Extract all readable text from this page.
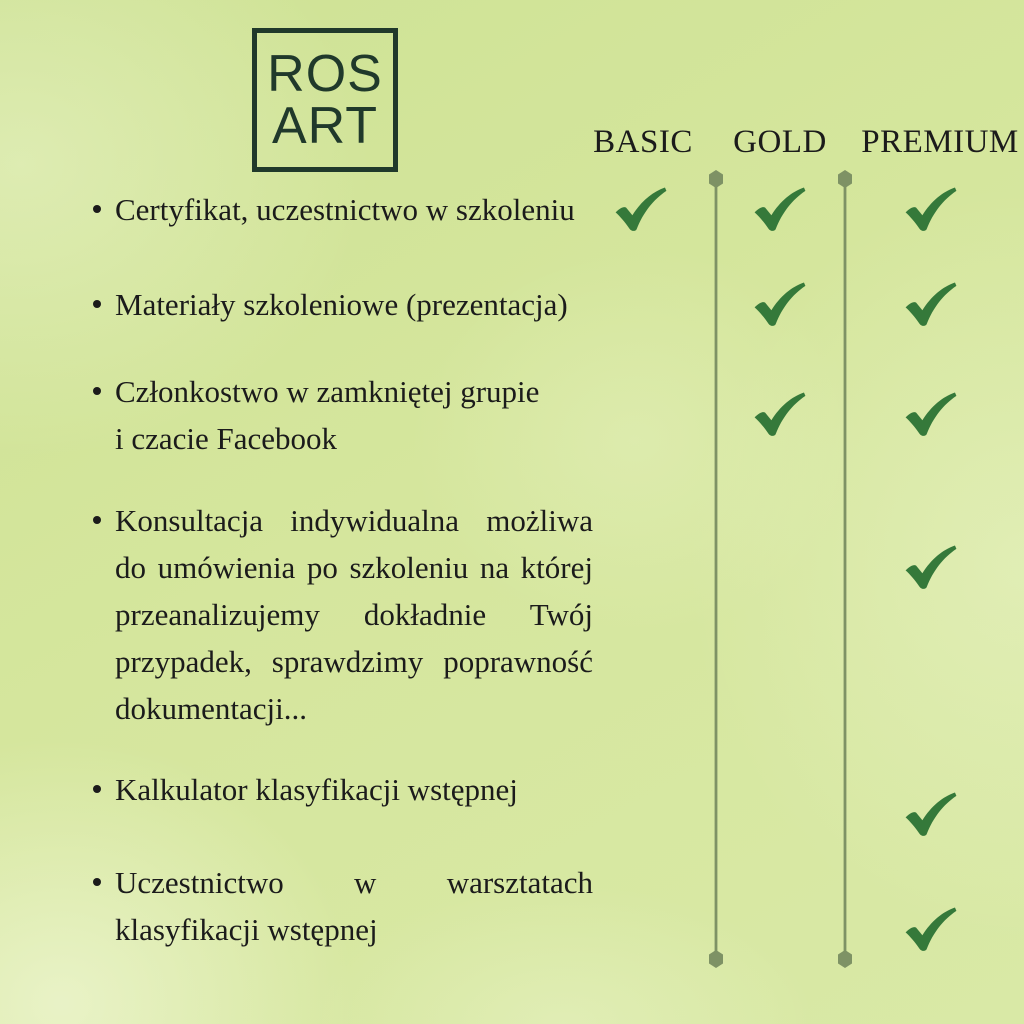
ROS
ART	BASIC GOLD PREMIUM
Certyfikat, uczestnictwo w szkoleniu
Materiały szkoleniowe (prezentacja)
Członkostwo w zamkniętej grupie
i czacie Facebook
Konsultacja indywidualna możliwa
do umówienia po szkoleniu na której
przeanalizujemy dokładnie Twój
przypadek, sprawdzimy poprawność
dokumentacji...
Kalkulator klasyfikacji wstępnej
Uczestnictwo w warsztatach
klasyfikacji wstępnej
